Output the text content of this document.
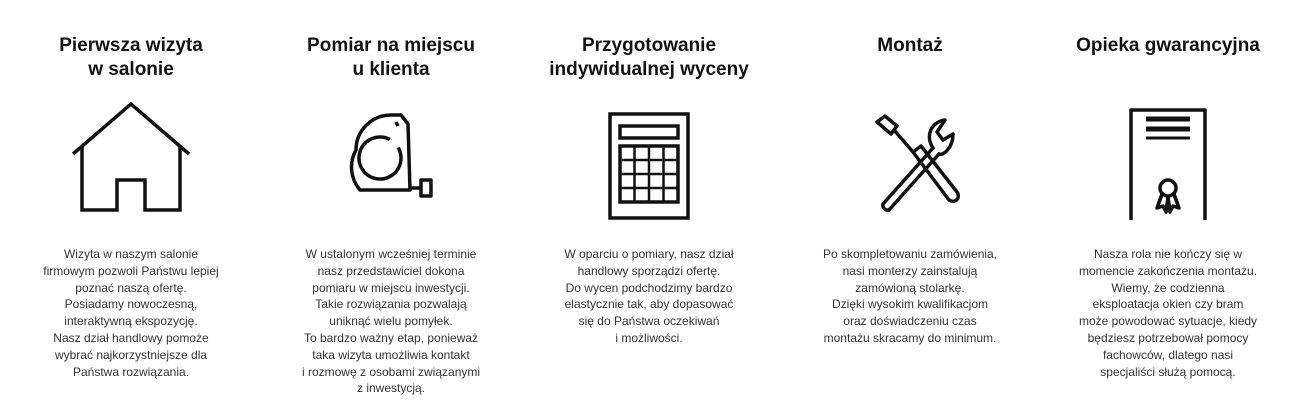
Pierwsza wizyta
w salonie

Wizyta w naszym salonie
firmowym pozwoli Państwu lepiej
poznać naszą ofertę.
Posiadamy nowoczesną,
interaktywną ekspozycję.
Nasz dział handlowy pomoże
wybrać najkorzystniejsze dla
Państwa rozwiązania.

Pomiar na miejscu
u klienta

W ustalonym wcześniej terminie
nasz przedstawiciel dokona
pomiaru w miejscu inwestycji.
Takie rozwiązania pozwalają
uniknąć wielu pomyłek.
To bardzo ważny etap, ponieważ
taka wizyta umożliwia kontakt
i rozmowę z osobami związanymi
z inwestycją.

Przygotowanie
indywidualnej wyceny

W oparciu o pomiary, nasz dział
handlowy sporządzi ofertę.
Do wycen podchodzimy bardzo
elastycznie tak, aby dopasować
się do Państwa oczekiwań
i możliwości.

Montaż

Po skompletowaniu zamówienia,
nasi monterzy zainstalują
zamówioną stolarkę.
Dzięki wysokim kwalifikacjom
oraz doświadczeniu czas
montażu skracamy do minimum.

Opieka gwarancyjna

Nasza rola nie kończy się w
momencie zakończenia montażu.
Wiemy, że codzienna
eksploatacja okien czy bram
może powodować sytuacje, kiedy
będziesz potrzebował pomocy
fachowców, dlatego nasi
specjaliści służą pomocą.
